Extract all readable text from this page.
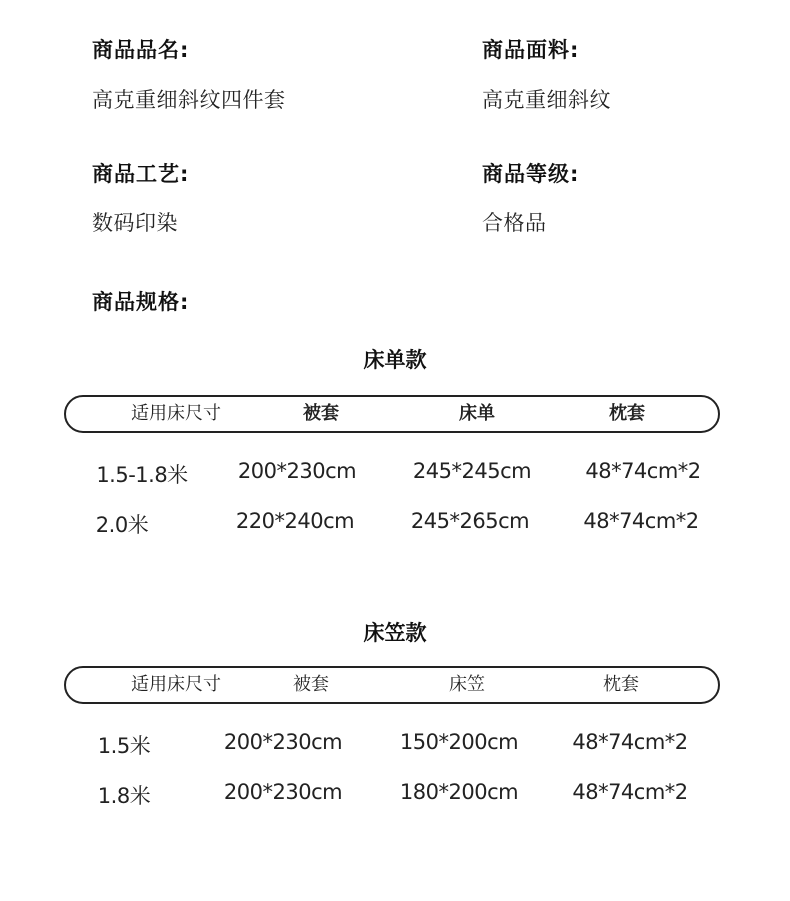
商品品名:
高克重细斜纹四件套
商品面料:
高克重细斜纹
商品工艺:
数码印染
商品等级:
合格品
商品规格:
床单款
适用床尺寸	被套	床单	枕套
1.5-1.8米	200*230cm	245*245cm	48*74cm*2
2.0米	220*240cm	245*265cm	48*74cm*2
床笠款
适用床尺寸	被套	床笠	枕套
1.5米	200*230cm	150*200cm	48*74cm*2
1.8米	200*230cm	180*200cm	48*74cm*2
